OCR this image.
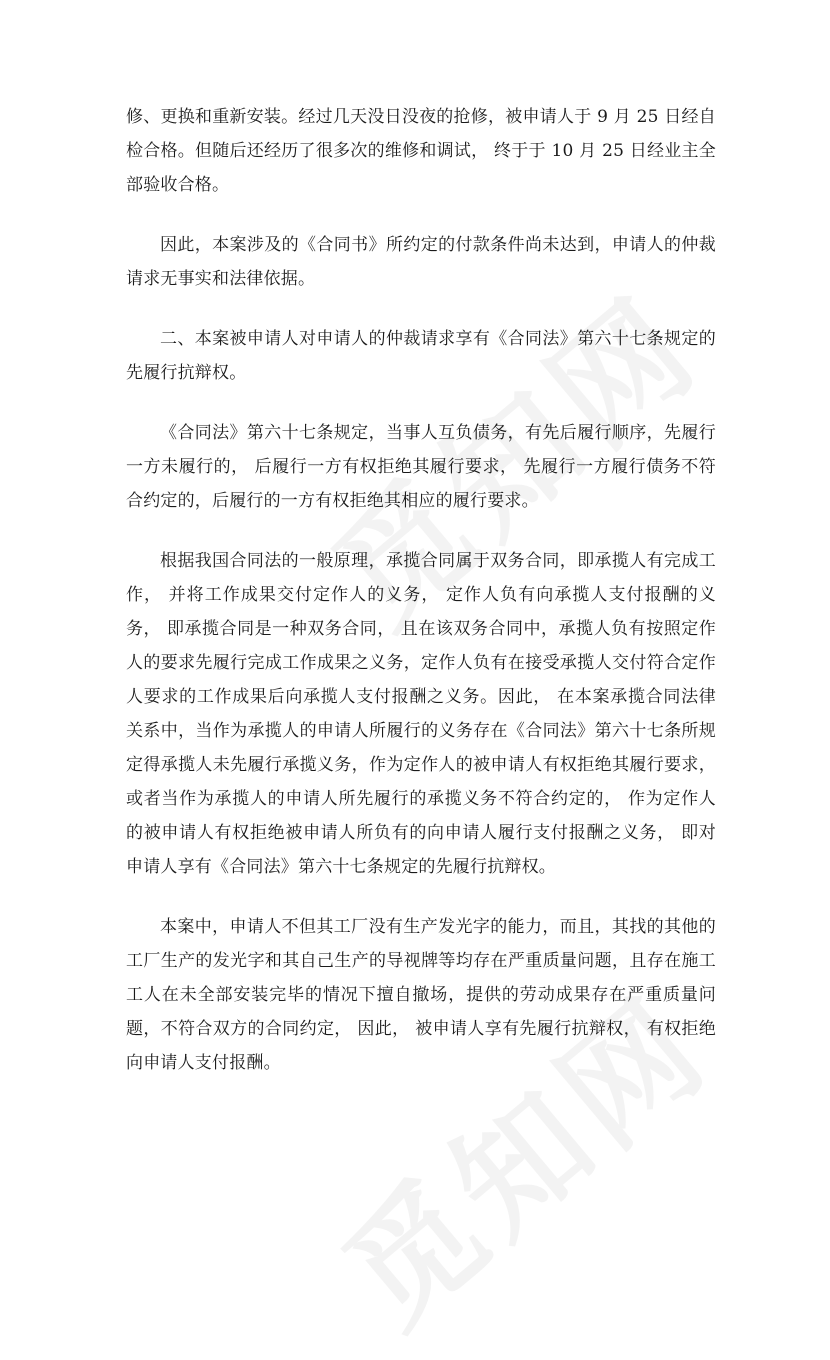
修、更换和重新安装。经过几天没日没夜的抢修，被申请人于 9 月 25 日经自检合格。但随后还经历了很多次的维修和调试， 终于于 10 月 25 日经业主全部验收合格。

因此，本案涉及的《合同书》所约定的付款条件尚未达到，申请人的仲裁请求无事实和法律依据。

二、本案被申请人对申请人的仲裁请求享有《合同法》第六十七条规定的先履行抗辩权。

《合同法》第六十七条规定，当事人互负债务，有先后履行顺序，先履行一方未履行的， 后履行一方有权拒绝其履行要求， 先履行一方履行债务不符合约定的，后履行的一方有权拒绝其相应的履行要求。

根据我国合同法的一般原理，承揽合同属于双务合同，即承揽人有完成工作， 并将工作成果交付定作人的义务， 定作人负有向承揽人支付报酬的义务， 即承揽合同是一种双务合同， 且在该双务合同中，承揽人负有按照定作人的要求先履行完成工作成果之义务，定作人负有在接受承揽人交付符合定作人要求的工作成果后向承揽人支付报酬之义务。因此， 在本案承揽合同法律关系中，当作为承揽人的申请人所履行的义务存在《合同法》第六十七条所规定得承揽人未先履行承揽义务，作为定作人的被申请人有权拒绝其履行要求， 或者当作为承揽人的申请人所先履行的承揽义务不符合约定的， 作为定作人的被申请人有权拒绝被申请人所负有的向申请人履行支付报酬之义务， 即对申请人享有《合同法》第六十七条规定的先履行抗辩权。

本案中，申请人不但其工厂没有生产发光字的能力，而且，其找的其他的工厂生产的发光字和其自己生产的导视牌等均存在严重质量问题，且存在施工工人在未全部安装完毕的情况下擅自撤场，提供的劳动成果存在严重质量问题，不符合双方的合同约定， 因此， 被申请人享有先履行抗辩权， 有权拒绝向申请人支付报酬。
